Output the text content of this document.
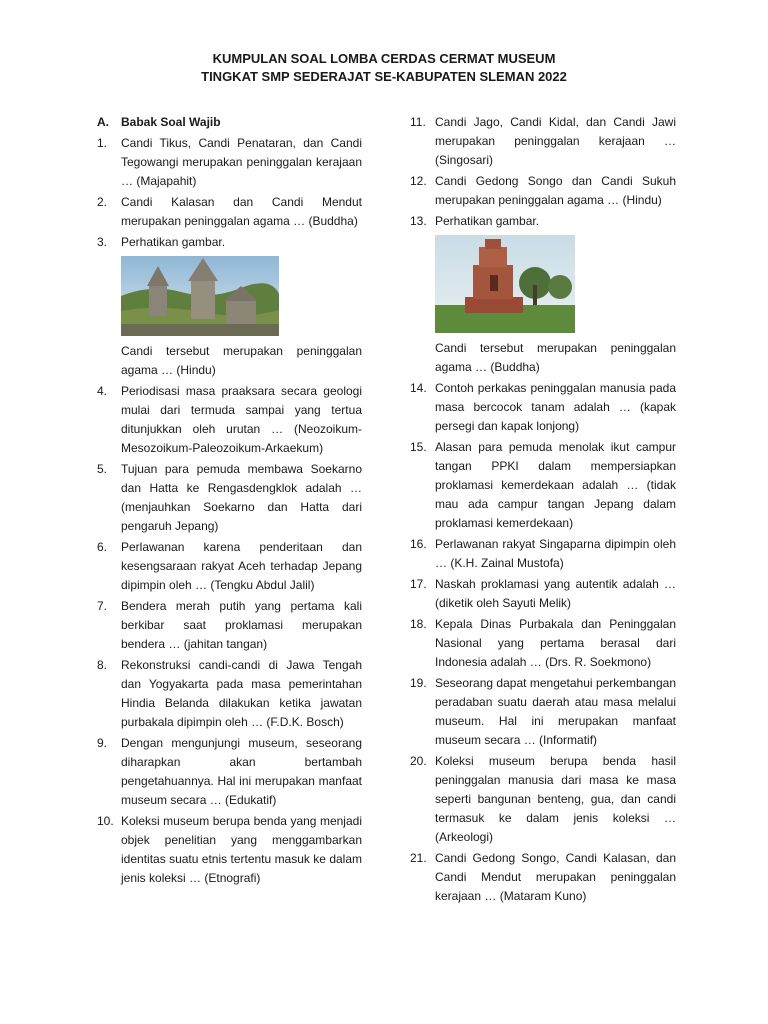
KUMPULAN SOAL LOMBA CERDAS CERMAT MUSEUM
TINGKAT SMP SEDERAJAT SE-KABUPATEN SLEMAN 2022
A.	Babak Soal Wajib
1.	Candi Tikus, Candi Penataran, dan Candi Tegowangi merupakan peninggalan kerajaan … (Majapahit)
2.	Candi Kalasan dan Candi Mendut merupakan peninggalan agama … (Buddha)
3.	Perhatikan gambar.
Candi tersebut merupakan peninggalan agama … (Hindu)
4.	Periodisasi masa praaksara secara geologi mulai dari termuda sampai yang tertua ditunjukkan oleh urutan … (Neozoikum-Mesozoikum-Paleozoikum-Arkaekum)
5.	Tujuan para pemuda membawa Soekarno dan Hatta ke Rengasdengklok adalah … (menjauhkan Soekarno dan Hatta dari pengaruh Jepang)
6.	Perlawanan karena penderitaan dan kesengsaraan rakyat Aceh terhadap Jepang dipimpin oleh … (Tengku Abdul Jalil)
7.	Bendera merah putih yang pertama kali berkibar saat proklamasi merupakan bendera … (jahitan tangan)
8.	Rekonstruksi candi-candi di Jawa Tengah dan Yogyakarta pada masa pemerintahan Hindia Belanda dilakukan ketika jawatan purbakala dipimpin oleh … (F.D.K. Bosch)
9.	Dengan mengunjungi museum, seseorang diharapkan akan bertambah pengetahuannya. Hal ini merupakan manfaat museum secara … (Edukatif)
10. Koleksi museum berupa benda yang menjadi objek penelitian yang menggambarkan identitas suatu etnis tertentu masuk ke dalam jenis koleksi … (Etnografi)
11. Candi Jago, Candi Kidal, dan Candi Jawi merupakan peninggalan kerajaan … (Singosari)
12. Candi Gedong Songo dan Candi Sukuh merupakan peninggalan agama … (Hindu)
13. Perhatikan gambar.
Candi tersebut merupakan peninggalan agama … (Buddha)
14. Contoh perkakas peninggalan manusia pada masa bercocok tanam adalah … (kapak persegi dan kapak lonjong)
15. Alasan para pemuda menolak ikut campur tangan PPKI dalam mempersiapkan proklamasi kemerdekaan adalah … (tidak mau ada campur tangan Jepang dalam proklamasi kemerdekaan)
16. Perlawanan rakyat Singaparna dipimpin oleh … (K.H. Zainal Mustofa)
17. Naskah proklamasi yang autentik adalah … (diketik oleh Sayuti Melik)
18. Kepala Dinas Purbakala dan Peninggalan Nasional yang pertama berasal dari Indonesia adalah … (Drs. R. Soekmono)
19. Seseorang dapat mengetahui perkembangan peradaban suatu daerah atau masa melalui museum. Hal ini merupakan manfaat museum secara … (Informatif)
20. Koleksi museum berupa benda hasil peninggalan manusia dari masa ke masa seperti bangunan benteng, gua, dan candi termasuk ke dalam jenis koleksi … (Arkeologi)
21. Candi Gedong Songo, Candi Kalasan, dan Candi Mendut merupakan peninggalan kerajaan … (Mataram Kuno)
